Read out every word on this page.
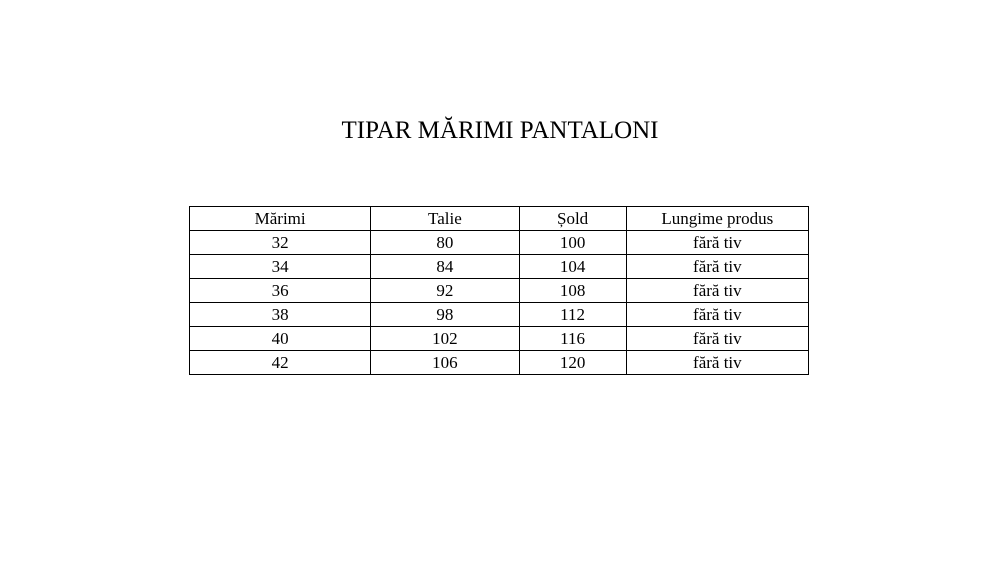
TIPAR MĂRIMI PANTALONI
Mărimi	Talie	Șold	Lungime produs
32	80	100	fără tiv
34	84	104	fără tiv
36	92	108	fără tiv
38	98	112	fără tiv
40	102	116	fără tiv
42	106	120	fără tiv
